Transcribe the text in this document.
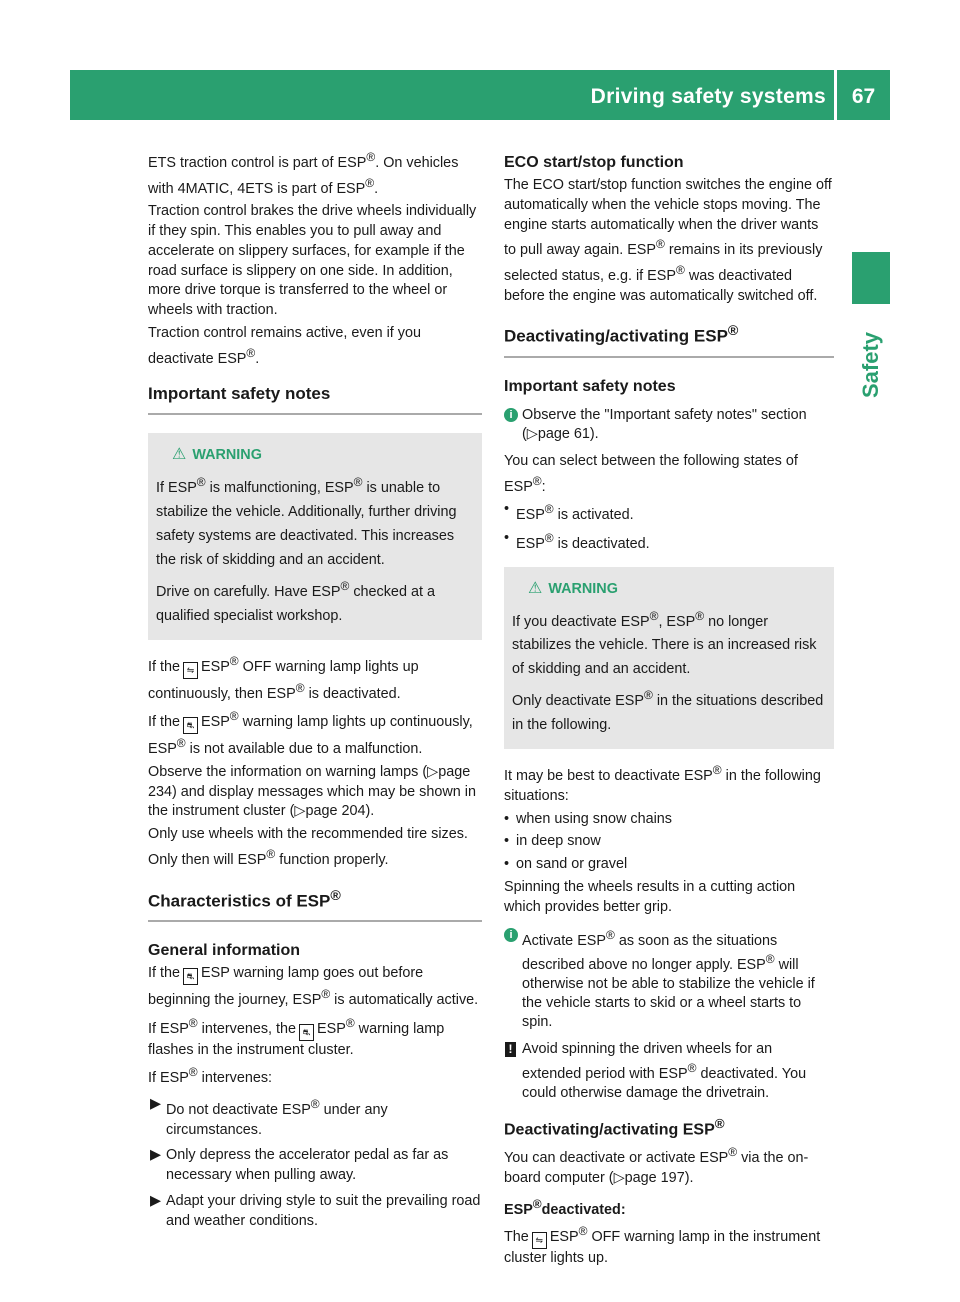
Driving safety systems	67
Safety

ETS traction control is part of ESP®. On vehicles with 4MATIC, 4ETS is part of ESP®.

Traction control brakes the drive wheels individually if they spin. This enables you to pull away and accelerate on slippery surfaces, for example if the road surface is slippery on one side. In addition, more drive torque is transferred to the wheel or wheels with traction.

Traction control remains active, even if you deactivate ESP®.

Important safety notes
⚠ WARNING

If ESP® is malfunctioning, ESP® is unable to stabilize the vehicle. Additionally, further driving safety systems are deactivated. This increases the risk of skidding and an accident.

Drive on carefully. Have ESP® checked at a qualified specialist workshop.

If the ⇋ ESP® OFF warning lamp lights up continuously, then ESP® is deactivated.

If the ⛐ ESP® warning lamp lights up continuously, ESP® is not available due to a malfunction.

Observe the information on warning lamps (▷page 234) and display messages which may be shown in the instrument cluster (▷page 204).

Only use wheels with the recommended tire sizes. Only then will ESP® function properly.

Characteristics of ESP®
General information

If the ⛐ ESP warning lamp goes out before beginning the journey, ESP® is automatically active.

If ESP® intervenes, the ⛐ ESP® warning lamp flashes in the instrument cluster.

If ESP® intervenes:

▶ Do not deactivate ESP® under any circumstances.
▶ Only depress the accelerator pedal as far as necessary when pulling away.
▶ Adapt your driving style to suit the prevailing road and weather conditions.
ECO start/stop function

The ECO start/stop function switches the engine off automatically when the vehicle stops moving. The engine starts automatically when the driver wants to pull away again. ESP® remains in its previously selected status, e.g. if ESP® was deactivated before the engine was automatically switched off.

Deactivating/activating ESP®
Important safety notes
i Observe the "Important safety notes" section (▷page 61).

You can select between the following states of ESP®:

• ESP® is activated.
• ESP® is deactivated.
⚠ WARNING

If you deactivate ESP®, ESP® no longer stabilizes the vehicle. There is an increased risk of skidding and an accident.

Only deactivate ESP® in the situations described in the following.

It may be best to deactivate ESP® in the following situations:

• when using snow chains
• in deep snow
• on sand or gravel

Spinning the wheels results in a cutting action which provides better grip.

i Activate ESP® as soon as the situations described above no longer apply. ESP® will otherwise not be able to stabilize the vehicle if the vehicle starts to skid or a wheel starts to spin.
! Avoid spinning the driven wheels for an extended period with ESP® deactivated. You could otherwise damage the drivetrain.
Deactivating/activating ESP®

You can deactivate or activate ESP® via the on-board computer (▷page 197).

ESP®deactivated:

The ⇋ ESP® OFF warning lamp in the instrument cluster lights up.
